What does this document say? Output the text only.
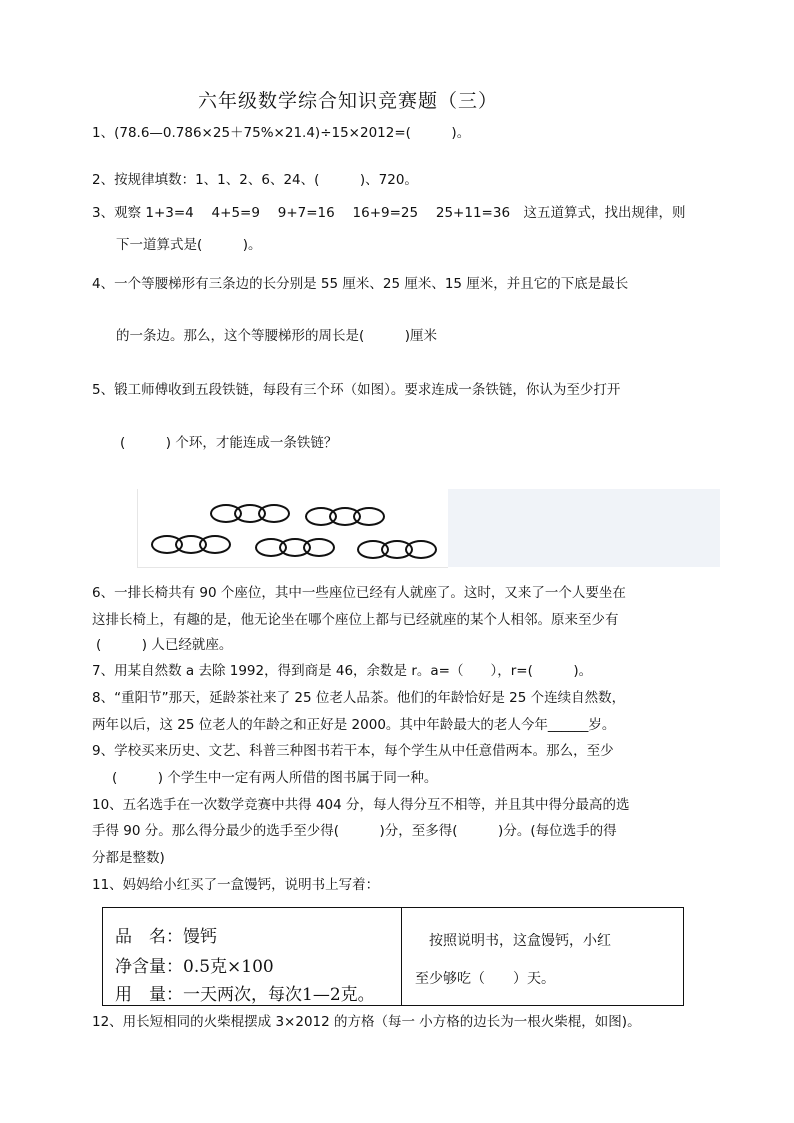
六年级数学综合知识竞赛题（三）
1、(78.6—0.786×25＋75%×21.4)÷15×2012=(　　　)。
2、按规律填数：1、1、2、6、24、(　　　)、720。
3、观察 1+3=4　 4+5=9　 9+7=16　 16+9=25　 25+11=36　这五道算式，找出规律，则
下一道算式是(　　　)。
4、一个等腰梯形有三条边的长分别是 55 厘米、25 厘米、15 厘米，并且它的下底是最长
的一条边。那么，这个等腰梯形的周长是(　　　)厘米
5、锻工师傅收到五段铁链，每段有三个环（如图）。要求连成一条铁链，你认为至少打开
(　　　) 个环，才能连成一条铁链？
6、一排长椅共有 90 个座位，其中一些座位已经有人就座了。这时，又来了一个人要坐在
这排长椅上，有趣的是，他无论坐在哪个座位上都与已经就座的某个人相邻。原来至少有
(　　　) 人已经就座。
7、用某自然数 a 去除 1992，得到商是 46，余数是 r。a=（　　），r=(　　　)。
8、“重阳节”那天，延龄茶社来了 25 位老人品茶。他们的年龄恰好是 25 个连续自然数，
两年以后，这 25 位老人的年龄之和正好是 2000。其中年龄最大的老人今年______岁。
9、学校买来历史、文艺、科普三种图书若干本，每个学生从中任意借两本。那么，至少
(　　　) 个学生中一定有两人所借的图书属于同一种。
10、五名选手在一次数学竞赛中共得 404 分，每人得分互不相等，并且其中得分最高的选
手得 90 分。那么得分最少的选手至少得(　　　)分，至多得(　　　)分。(每位选手的得
分都是整数)
11、妈妈给小红买了一盒馒钙，说明书上写着：
品　名：馒钙
净含量：0.5克×100
用　量：一天两次，每次1—2克。
按照说明书，这盒馒钙，小红
至少够吃（　　）天。
12、用长短相同的火柴棍摆成 3×2012 的方格（每一 小方格的边长为一根火柴棍，如图)。
